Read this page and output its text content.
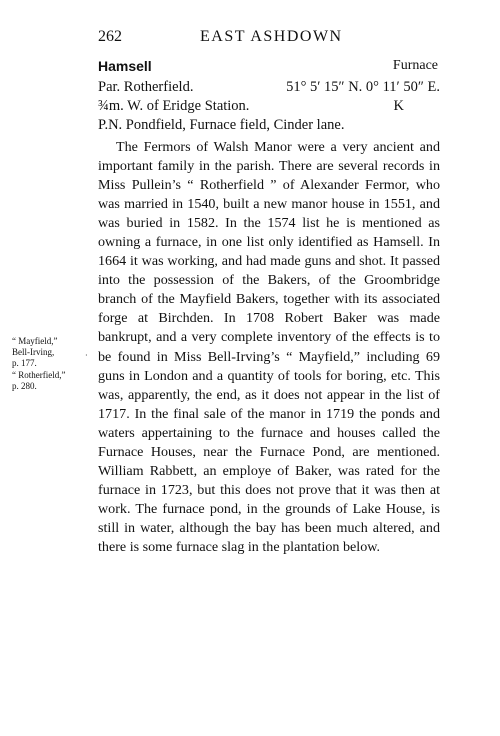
262	EAST ASHDOWN
Hamsell	Furnace
Par. Rotherfield.	51° 5′ 15″ N. 0° 11′ 50″ E.
¾m. W. of Eridge Station.	K
P.N. Pondfield, Furnace field, Cinder lane.
The Fermors of Walsh Manor were a very ancient and important family in the parish. There are several records in Miss Pullein’s “ Rotherfield ” of Alexander Fermor, who was married in 1540, built a new manor house in 1551, and was buried in 1582. In the 1574 list he is mentioned as owning a furnace, in one list only identified as Hamsell. In 1664 it was working, and had made guns and shot. It passed into the possession of the Bakers, of the Groombridge branch of the Mayfield Bakers, together with its associated forge at Birchden. In 1708 Robert Baker was made bankrupt, and a very complete inventory of the effects is to be found in Miss Bell-Irving’s “ Mayfield,” including 69 guns in London and a quantity of tools for boring, etc. This was, apparently, the end, as it does not appear in the list of 1717. In the final sale of the manor in 1719 the ponds and waters appertaining to the furnace and houses called the Furnace Houses, near the Furnace Pond, are mentioned. William Rabbett, an employe of Baker, was rated for the furnace in 1723, but this does not prove that it was then at work. The furnace pond, in the grounds of Lake House, is still in water, although the bay has been much altered, and there is some furnace slag in the plantation below.
“ Mayfield,”
Bell-Irving,
p. 177.
“ Rotherfield,”
p. 280.
·
